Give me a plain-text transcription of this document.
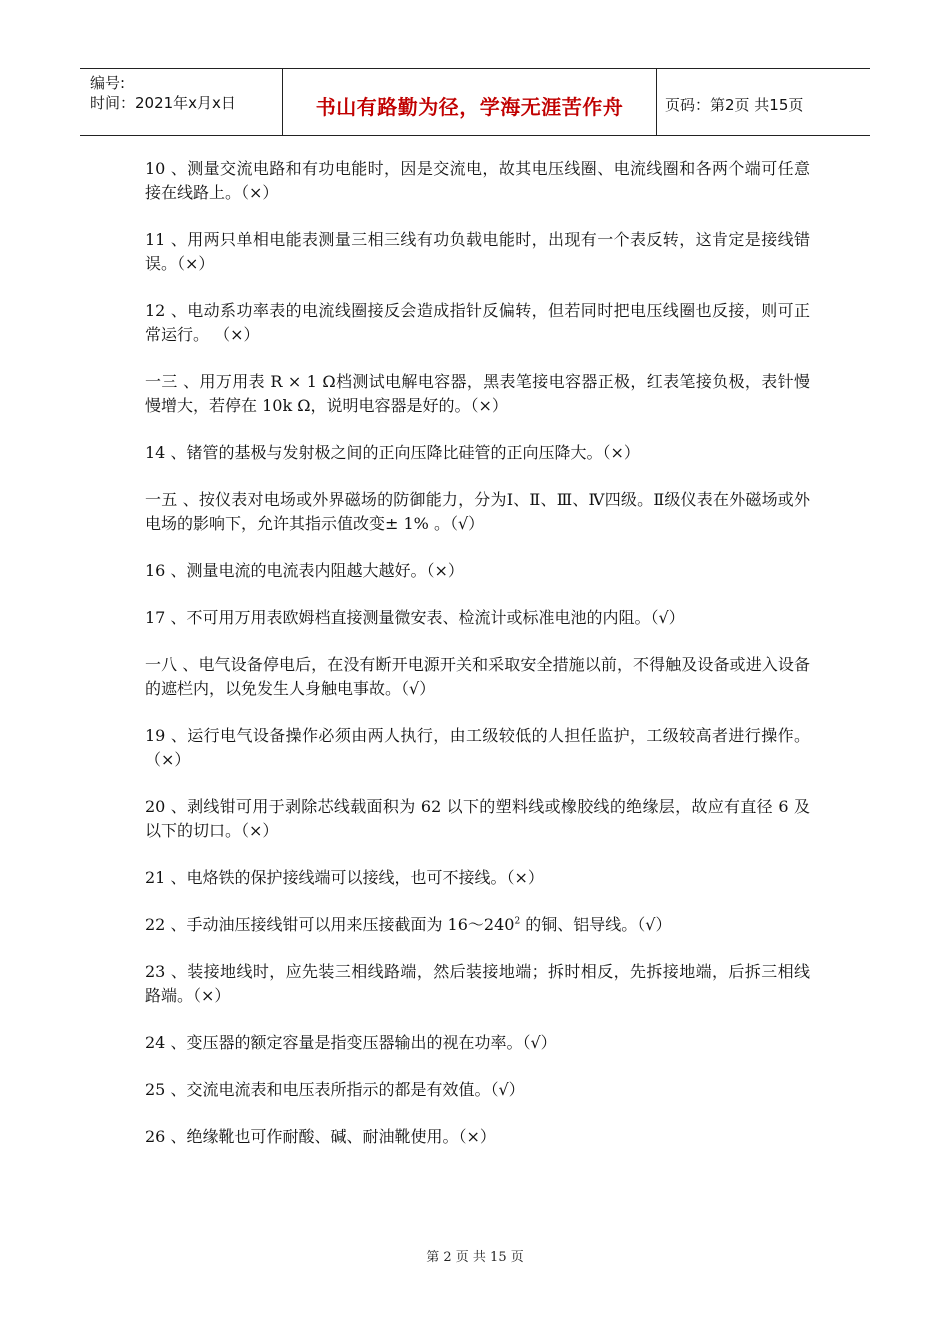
编号:
时间：2021年x月x日	书山有路勤为径，学海无涯苦作舟	页码：第2页 共15页

10 、测量交流电路和有功电能时，因是交流电，故其电压线圈、电流线圈和各两个端可任意接在线路上。（×）

11 、用两只单相电能表测量三相三线有功负载电能时，出现有一个表反转，这肯定是接线错误。（×）

12 、电动系功率表的电流线圈接反会造成指针反偏转，但若同时把电压线圈也反接，则可正常运行。 （×）

一三 、用万用表 R × 1 Ω档测试电解电容器，黑表笔接电容器正极，红表笔接负极，表针慢慢增大，若停在 10k Ω，说明电容器是好的。（×）

14 、锗管的基极与发射极之间的正向压降比硅管的正向压降大。（×）

一五 、按仪表对电场或外界磁场的防御能力，分为Ⅰ、Ⅱ、Ⅲ、Ⅳ四级。Ⅱ级仪表在外磁场或外电场的影响下，允许其指示值改变± 1% 。（√）

16 、测量电流的电流表内阻越大越好。（×）

17 、不可用万用表欧姆档直接测量微安表、检流计或标准电池的内阻。（√）

一八 、电气设备停电后，在没有断开电源开关和采取安全措施以前，不得触及设备或进入设备的遮栏内，以免发生人身触电事故。（√）

19 、运行电气设备操作必须由两人执行，由工级较低的人担任监护，工级较高者进行操作。（×）

20 、剥线钳可用于剥除芯线载面积为 62 以下的塑料线或橡胶线的绝缘层，故应有直径 6 及以下的切口。（×）

21 、电烙铁的保护接线端可以接线，也可不接线。（×）

22 、手动油压接线钳可以用来压接截面为 $16\sim 240^2$ 的铜、铝导线。（√）

23 、装接地线时，应先装三相线路端，然后装接地端；拆时相反，先拆接地端，后拆三相线路端。（×）

24 、变压器的额定容量是指变压器输出的视在功率。（√）

25 、交流电流表和电压表所指示的都是有效值。（√）

26 、绝缘靴也可作耐酸、碱、耐油靴使用。（×）

第 2 页 共 15 页
